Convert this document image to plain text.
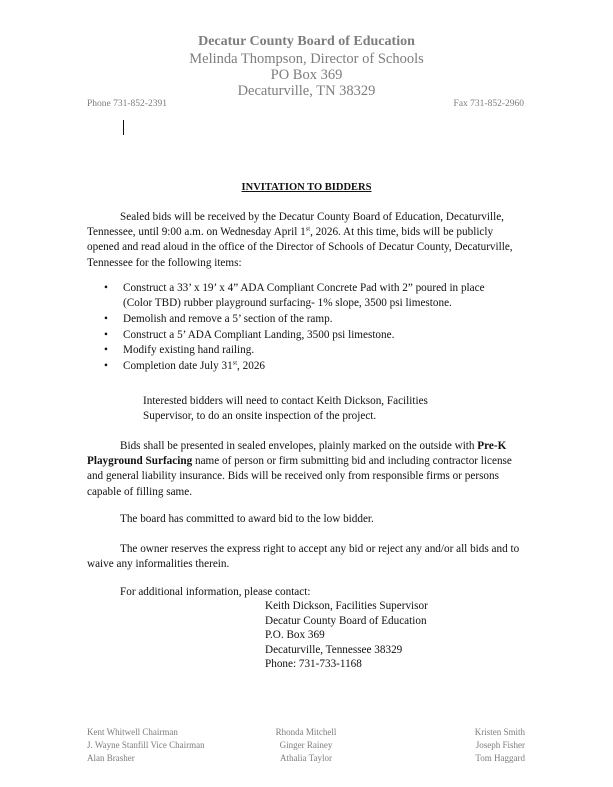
Decatur County Board of Education
Melinda Thompson, Director of Schools
PO Box 369
Decaturville, TN 38329
Phone 731-852-2391	Fax 731-852-2960
INVITATION TO BIDDERS

Sealed bids will be received by the Decatur County Board of Education, Decaturville, Tennessee, until 9:00 a.m. on Wednesday April 1st, 2026. At this time, bids will be publicly opened and read aloud in the office of the Director of Schools of Decatur County, Decaturville, Tennessee for the following items:

• Construct a 33’ x 19’ x 4” ADA Compliant Concrete Pad with 2” poured in place (Color TBD) rubber playground surfacing- 1% slope, 3500 psi limestone.
• Demolish and remove a 5’ section of the ramp.
• Construct a 5’ ADA Compliant Landing, 3500 psi limestone.
• Modify existing hand railing.
• Completion date July 31st, 2026

Interested bidders will need to contact Keith Dickson, Facilities Supervisor, to do an onsite inspection of the project.

Bids shall be presented in sealed envelopes, plainly marked on the outside with Pre-K Playground Surfacing name of person or firm submitting bid and including contractor license and general liability insurance. Bids will be received only from responsible firms or persons capable of filling same.

The board has committed to award bid to the low bidder.

The owner reserves the express right to accept any bid or reject any and/or all bids and to waive any informalities therein.

For additional information, please contact:

Keith Dickson, Facilities Supervisor
Decatur County Board of Education
P.O. Box 369
Decaturville, Tennessee 38329
Phone: 731-733-1168
Kent Whitwell Chairman
J. Wayne Stanfill Vice Chairman
Alan Brasher
Rhonda Mitchell
Ginger Rainey
Athalia Taylor
Kristen Smith
Joseph Fisher
Tom Haggard
